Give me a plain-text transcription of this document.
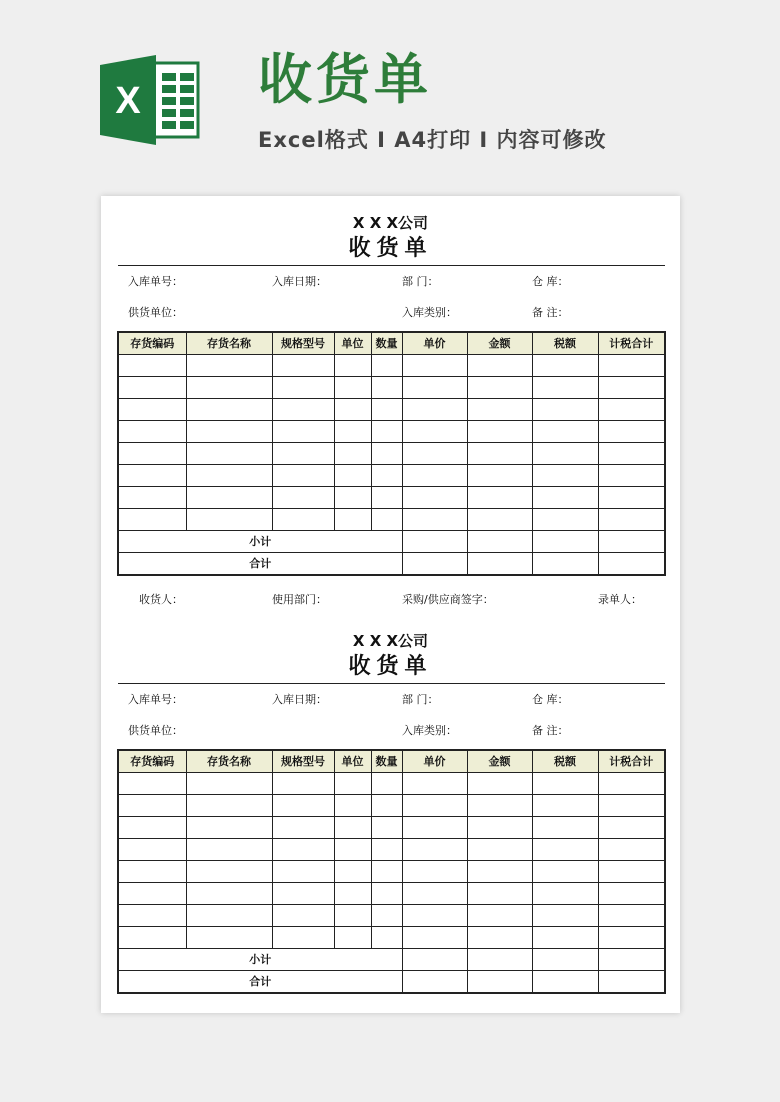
X 收货单
Excel格式 I A4打印 I 内容可修改
X X X公司
收货单
入库单号：	入库日期：	部 门：	仓 库：
供货单位：	入库类别：	备 注：
存货编码	存货名称	规格型号	单位	数量	单价	金额	税额	计税合计

小计								
合计								
收货人：	使用部门：	采购/供应商签字：	录单人：
X X X公司
收货单
入库单号：	入库日期：	部 门：	仓 库：
供货单位：	入库类别：	备 注：
存货编码	存货名称	规格型号	单位	数量	单价	金额	税额	计税合计

小计								
合计								
